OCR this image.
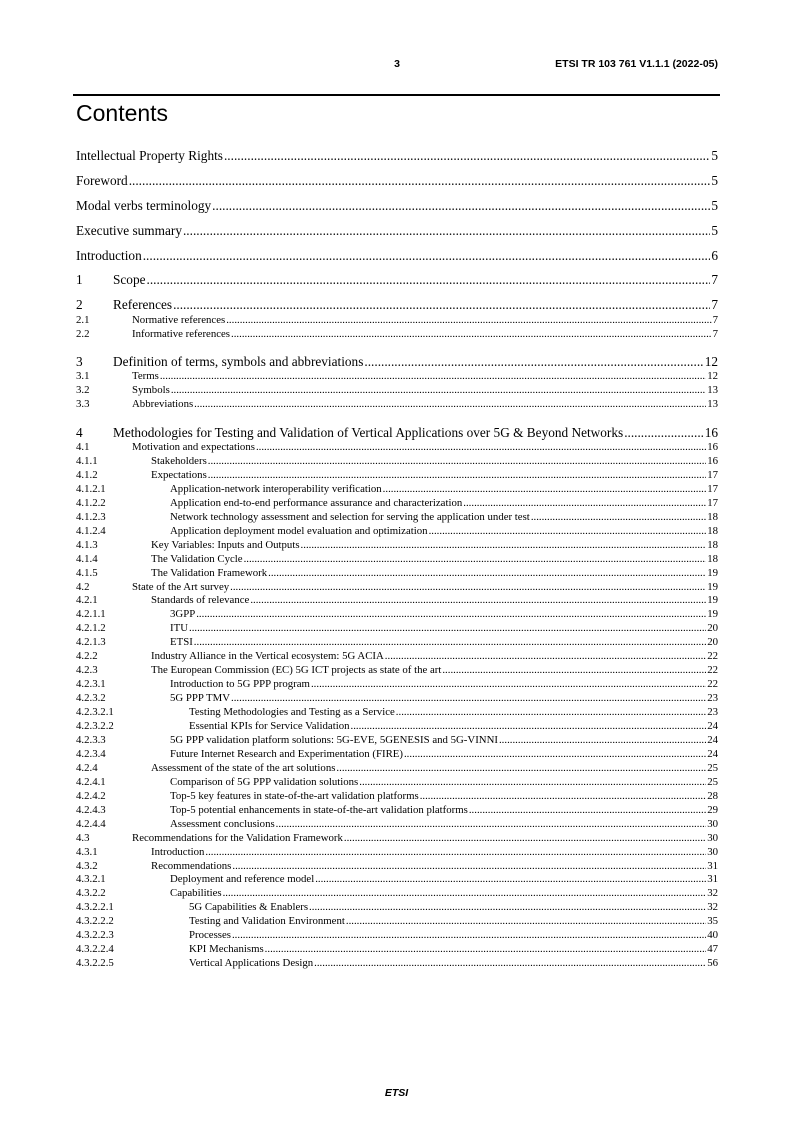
3	ETSI TR 103 761 V1.1.1 (2022-05)
Contents
Intellectual Property Rights .....	5
Foreword .....	5
Modal verbs terminology .....	5
Executive summary .....	5
Introduction .....	6
1	Scope .....	7
2	References .....	7
2.1	Normative references .....	7
2.2	Informative references .....	7
3	Definition of terms, symbols and abbreviations .....	12
3.1	Terms .....	12
3.2	Symbols .....	13
3.3	Abbreviations .....	13
4	Methodologies for Testing and Validation of Vertical Applications over 5G & Beyond Networks .....	16
4.1	Motivation and expectations .....	16
4.1.1	Stakeholders .....	16
4.1.2	Expectations .....	17
4.1.2.1	Application-network interoperability verification .....	17
4.1.2.2	Application end-to-end performance assurance and characterization .....	17
4.1.2.3	Network technology assessment and selection for serving the application under test .....	18
4.1.2.4	Application deployment model evaluation and optimization .....	18
4.1.3	Key Variables: Inputs and Outputs .....	18
4.1.4	The Validation Cycle .....	18
4.1.5	The Validation Framework .....	19
4.2	State of the Art survey .....	19
4.2.1	Standards of relevance .....	19
4.2.1.1	3GPP .....	19
4.2.1.2	ITU .....	20
4.2.1.3	ETSI .....	20
4.2.2	Industry Alliance in the Vertical ecosystem: 5G ACIA .....	22
4.2.3	The European Commission (EC) 5G ICT projects as state of the art .....	22
4.2.3.1	Introduction to 5G PPP program .....	22
4.2.3.2	5G PPP TMV .....	23
4.2.3.2.1	Testing Methodologies and Testing as a Service .....	23
4.2.3.2.2	Essential KPIs for Service Validation .....	24
4.2.3.3	5G PPP validation platform solutions: 5G-EVE, 5GENESIS and 5G-VINNI .....	24
4.2.3.4	Future Internet Research and Experimentation (FIRE) .....	24
4.2.4	Assessment of the state of the art solutions .....	25
4.2.4.1	Comparison of 5G PPP validation solutions .....	25
4.2.4.2	Top-5 key features in state-of-the-art validation platforms .....	28
4.2.4.3	Top-5 potential enhancements in state-of-the-art validation platforms .....	29
4.2.4.4	Assessment conclusions .....	30
4.3	Recommendations for the Validation Framework .....	30
4.3.1	Introduction .....	30
4.3.2	Recommendations .....	31
4.3.2.1	Deployment and reference model .....	31
4.3.2.2	Capabilities .....	32
4.3.2.2.1	5G Capabilities & Enablers .....	32
4.3.2.2.2	Testing and Validation Environment .....	35
4.3.2.2.3	Processes .....	40
4.3.2.2.4	KPI Mechanisms .....	47
4.3.2.2.5	Vertical Applications Design .....	56
ETSI
